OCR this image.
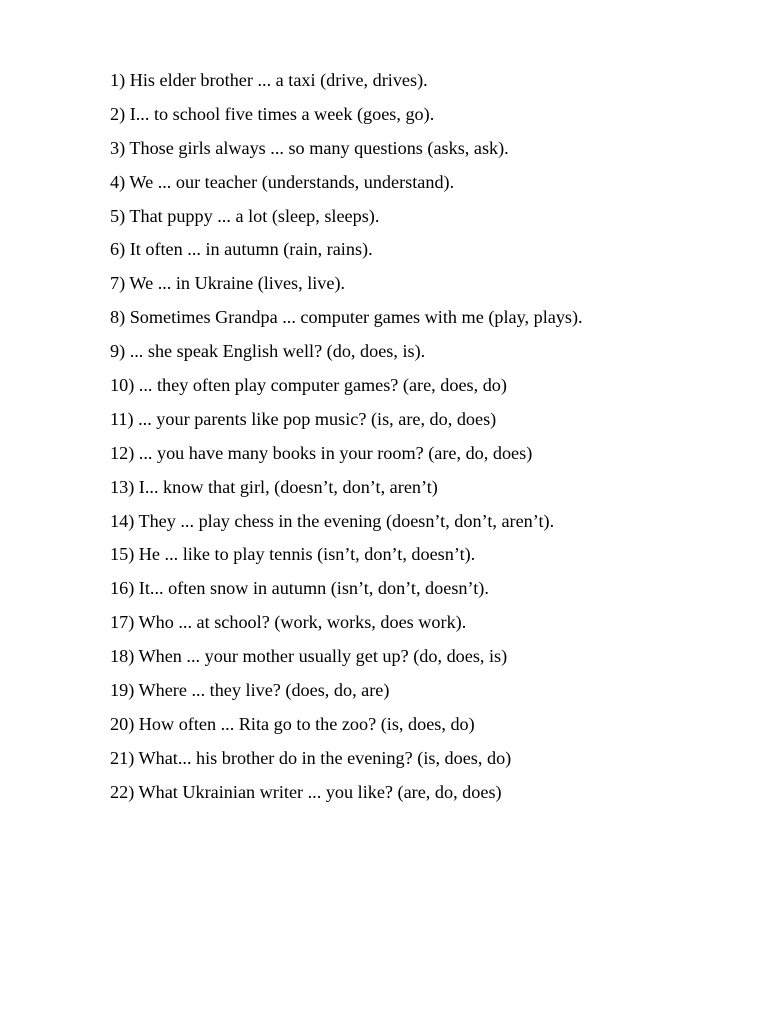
1) His elder brother ... a taxi (drive, drives).
2) I... to school five times a week (goes, go).
3) Those girls always ... so many questions (asks, ask).
4) We ... our teacher (understands, understand).
5) That puppy ... a lot (sleep, sleeps).
6) It often ... in autumn (rain, rains).
7) We ... in Ukraine (lives, live).
8) Sometimes Grandpa ... computer games with me (play, plays).
9) ... she speak English well? (do, does, is).
10) ... they often play computer games? (are, does, do)
11) ... your parents like pop music? (is, are, do, does)
12) ... you have many books in your room? (are, do, does)
13) I... know that girl, (doesn’t, don’t, aren’t)
14) They ... play chess in the evening (doesn’t, don’t, aren’t).
15) He ... like to play tennis (isn’t, don’t, doesn’t).
16) It... often snow in autumn (isn’t, don’t, doesn’t).
17) Who ... at school? (work, works, does work).
18) When ... your mother usually get up? (do, does, is)
19) Where ... they live? (does, do, are)
20) How often ... Rita go to the zoo? (is, does, do)
21) What... his brother do in the evening? (is, does, do)
22) What Ukrainian writer ... you like? (are, do, does)
